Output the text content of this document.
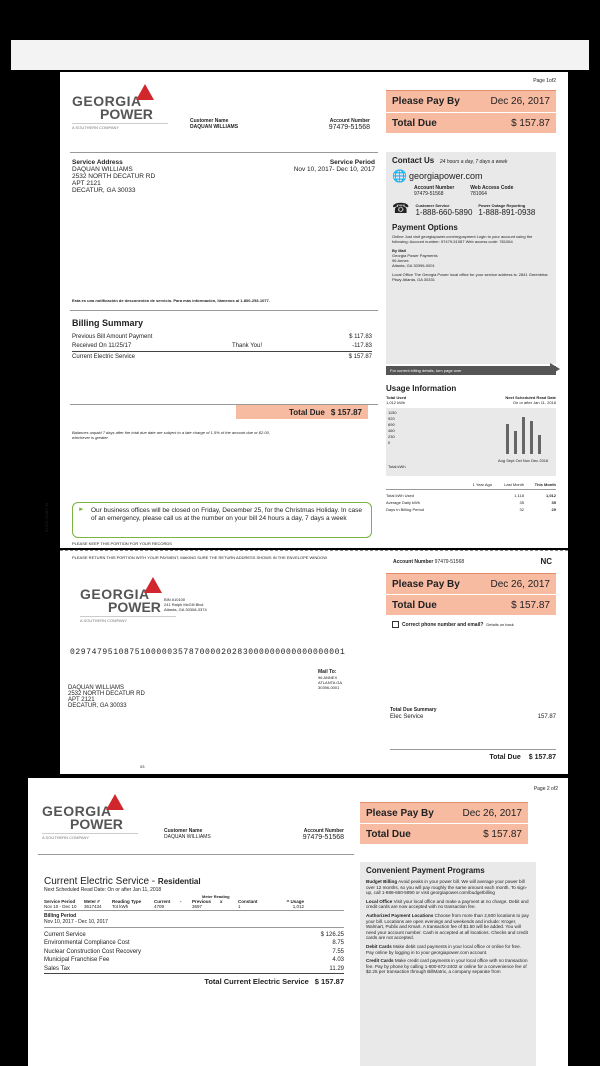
Page 1of2
GEORGIA
POWER
A SOUTHERN COMPANY
Customer Name
DAQUAN WILLIAMS
Account Number
97479-51568
Please Pay By	Dec 26, 2017
Total Due	$ 157.87
Service Address
DAQUAN WILLIAMS
2532 NORTH DECATUR RD
APT 2121
DECATUR, GA 30033
Service Period
Nov 10, 2017- Dec 10, 2017
Contact Us 24 hours a day, 7 days a week
🌐 georgiapower.com
Account Number
97479-51568
Web Access Code
781064
☎ Customer Service
1-888-660-5890
Power Outage Reporting
1-888-891-0938
Payment Options
Online Just visit georgiapower.com/mypayment Login to your account using the following: Account number: 97479-51087 Web access code: 781064
By Mail
Georgia Power Payments
96 Annex
Atlanta, GA 30396-0001
Local Office The Georgia Power local office for your service address is: 2841 Greenbriar Pkwy Atlanta, GA 30331
For current billing details, turn page over
Esta es una notificación de desconexión de servicio. Para más información, llámenos al 1-800-253-1077.
Billing Summary
Previous Bill Amount Payment	$ 117.83
Received On 11/25/17	Thank You!	-117.83
Current Electric Service	$ 157.87
Total Due $ 157.87
Balances unpaid 7 days after the total due date are subject to a late charge of 1.5% of the amount due or $2.00, whichever is greater.
Usage Information
Total Used
1,012 kWh
Next Scheduled Read Date
On or after Jan 11, 2018
1150
920
690
460
230
0
Total kWh
Aug Sept Oct Nov Dec 2016
1 Year Ago	Last Month	This Month
Total kWh Used	1,118	1,012
Average Daily kWh	35	35
Days In Billing Period	32	29
► Our business offices will be closed on Friday, December 25, for the Christmas Holiday. In case of an emergency, please call us at the number on your bill 24 hours a day, 7 days a week
PLEASE KEEP THIS PORTION FOR YOUR RECORDS
97479-51087 03
PLEASE RETURN THIS PORTION WITH YOUR PAYMENT, MAKING SURE THE RETURN ADDRESS SHOWS IN THE ENVELOPE WINDOW
Account Number 97479-51568	NC
Please Pay By	Dec 26, 2017
Total Due	$ 157.87
Correct phone number and email? Details on back
GEORGIA
POWER
A SOUTHERN COMPANY
BIN #10100
241 Ralph McGill Blvd
Atlanta, GA 30308-3374
029747951087510000035787000020283000000000000000001
Mail To:
96 ANNEX
ATLANTA GA
30396-0001
DAQUAN WILLIAMS
2532 NORTH DECATUR RD
APT 2121
DECATUR, GA 30033
Total Due Summary
Elec Service	157.87
Total Due $ 157.87
03
Page 2 of2
GEORGIA
POWER
A SOUTHERN COMPANY
Customer Name
DAQUAN WILLIAMS
Account Number
97479-51568
Please Pay By	Dec 26, 2017
Total Due	$ 157.87
Current Electric Service - Residential
Next Scheduled Read Date: On or after Jan 11, 2018
Meter Reading
Service Period	Meter #	Reading Type	Current	-	Previous	x	Constant	= Usage
Nov 10 - Dec 10	3617434	Tot kWh	4709	3697	1	1,012
Billing Period
Nov 10, 2017 - Dec 10, 2017
Current Service	$ 126.25
Environmental Compliance Cost	8.75
Nuclear Construction Cost Recovery	7.55
Municipal Franchise Fee	4.03
Sales Tax	11.29
Total Current Electric Service $ 157.87
Convenient Payment Programs

Budget Billing Avoid peaks in your power bill. We will average your power bill over 12 months, so you will pay roughly the same amount each month. To sign-up, call 1-888-660-5890 or visit georgiapower.com/budgetbilling

Local Office Visit your local office and make a payment at no charge. Debit and credit cards are now accepted with no transaction fee.

Authorized Payment Locations Choose from more than 2,600 locations to pay your bill. Locations are open evenings and weekends and include: Kroger, Walmart, Publix and Kmart. A transaction fee of $1.50 will be added. You will need your account number. Cash is accepted at all locations. Checks and credit cards are not accepted.

Debit Cards Make debit card payments in your local office or online for free. Pay online by logging in to your georgiapower.com account.

Credit Cards Make credit card payments in your local office with no transaction fee. Pay by phone by calling 1-800-672-2402 or online for a convenience fee of $2.25 per transaction through BillMatrix, a company separate from
